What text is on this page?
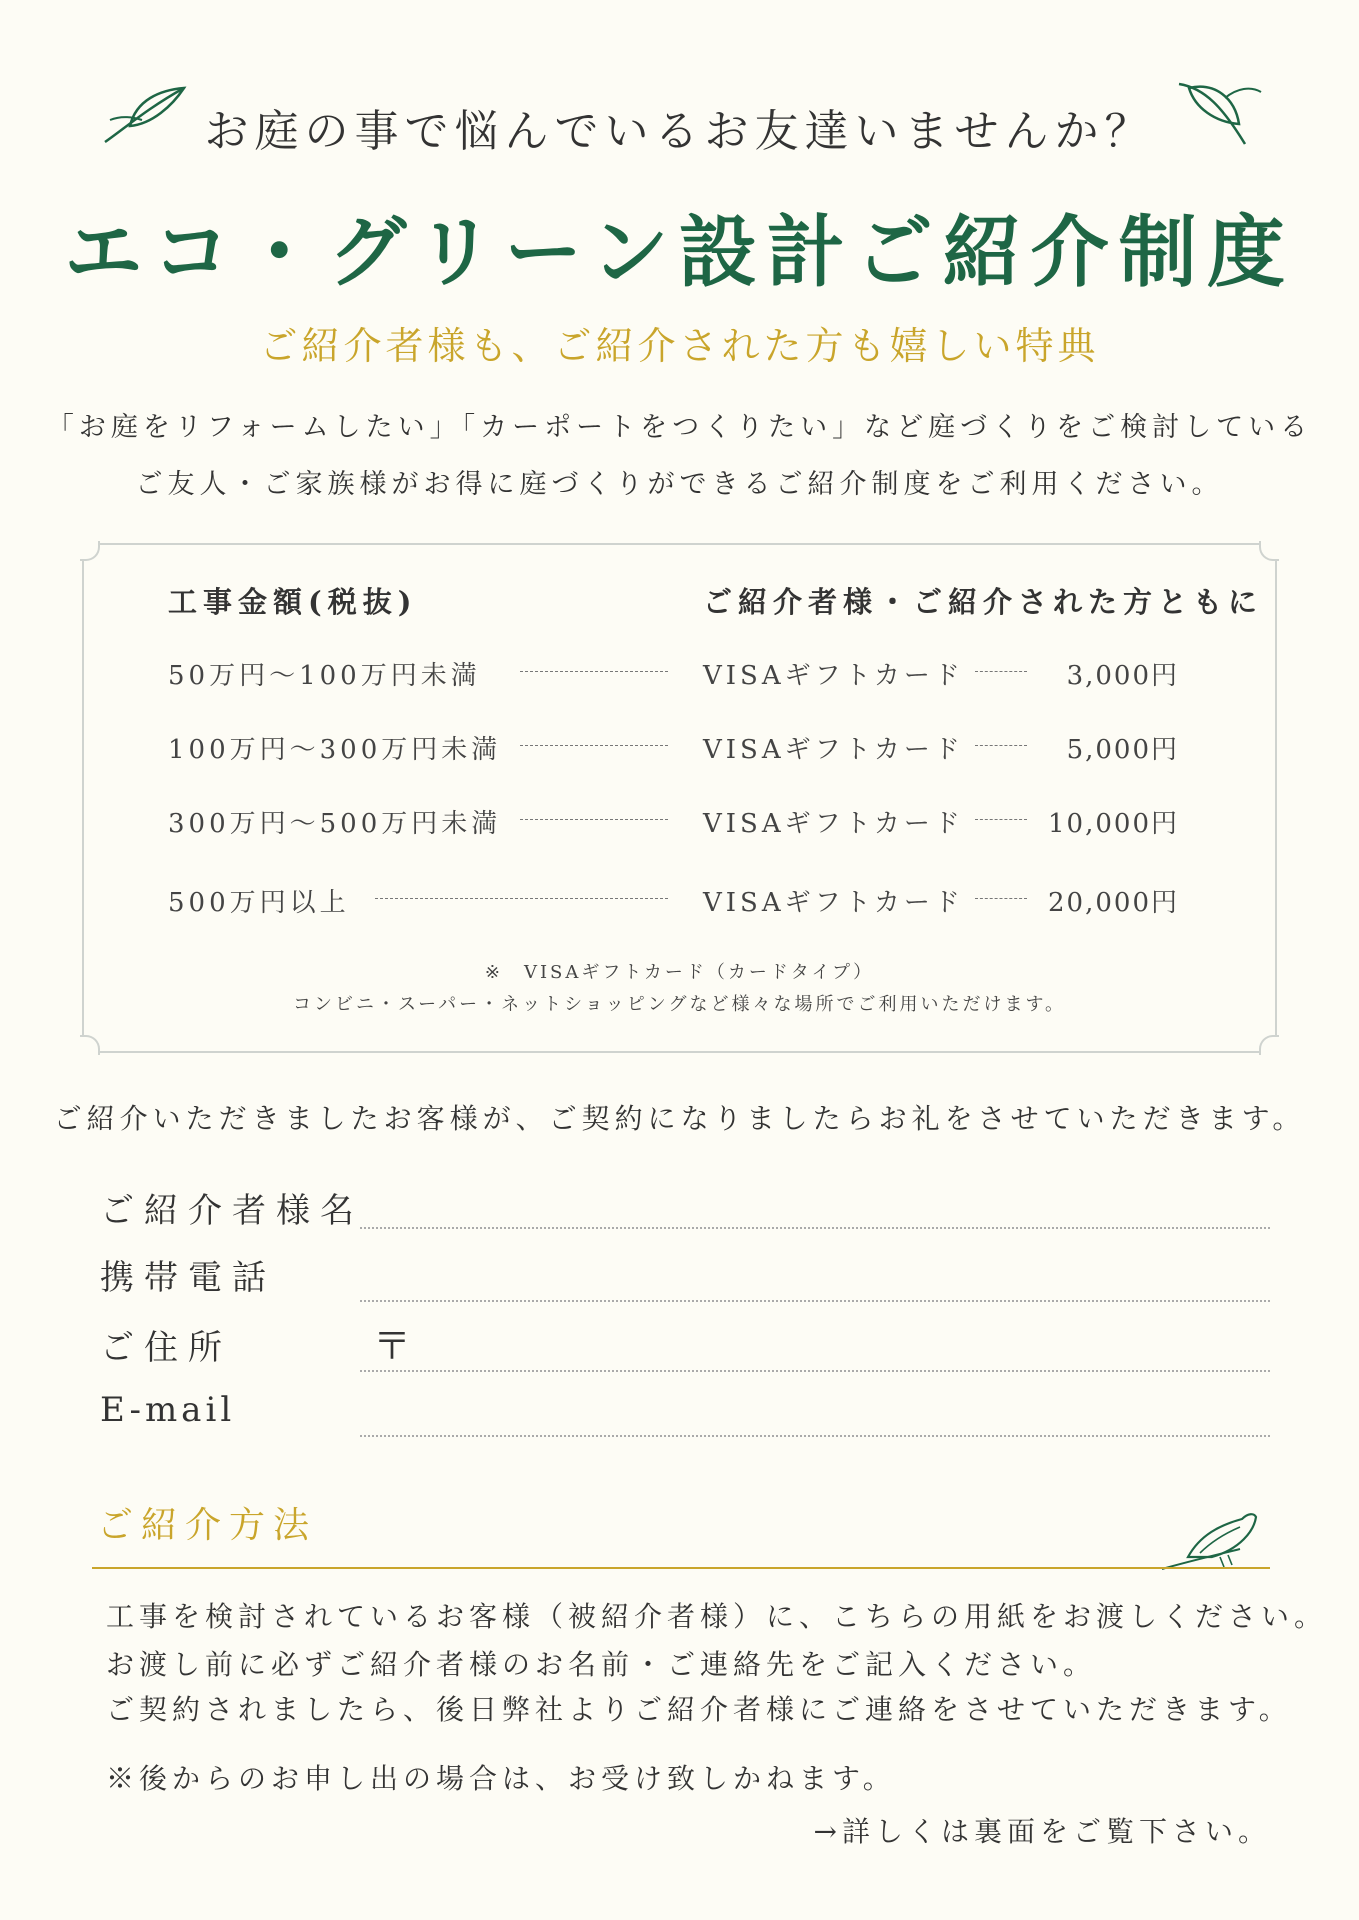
お庭の事で悩んでいるお友達いませんか？
エコ・グリーン設計ご紹介制度
ご紹介者様も、ご紹介された方も嬉しい特典
「お庭をリフォームしたい」「カーポートをつくりたい」など庭づくりをご検討している
ご友人・ご家族様がお得に庭づくりができるご紹介制度をご利用ください。
工事金額(税抜)	ご紹介者様・ご紹介された方ともに
50万円～100万円未満	VISAギフトカード	3,000円
100万円～300万円未満	VISAギフトカード	5,000円
300万円～500万円未満	VISAギフトカード	10,000円
500万円以上	VISAギフトカード	20,000円
※　VISAギフトカード（カードタイプ）
コンビニ・スーパー・ネットショッピングなど様々な場所でご利用いただけます。
ご紹介いただきましたお客様が、ご契約になりましたらお礼をさせていただきます。
ご紹介者様名
携帯電話
ご住所	〒
E-mail
ご紹介方法
工事を検討されているお客様（被紹介者様）に、こちらの用紙をお渡しください。
お渡し前に必ずご紹介者様のお名前・ご連絡先をご記入ください。
ご契約されましたら、後日弊社よりご紹介者様にご連絡をさせていただきます。
※後からのお申し出の場合は、お受け致しかねます。
→詳しくは裏面をご覧下さい。
